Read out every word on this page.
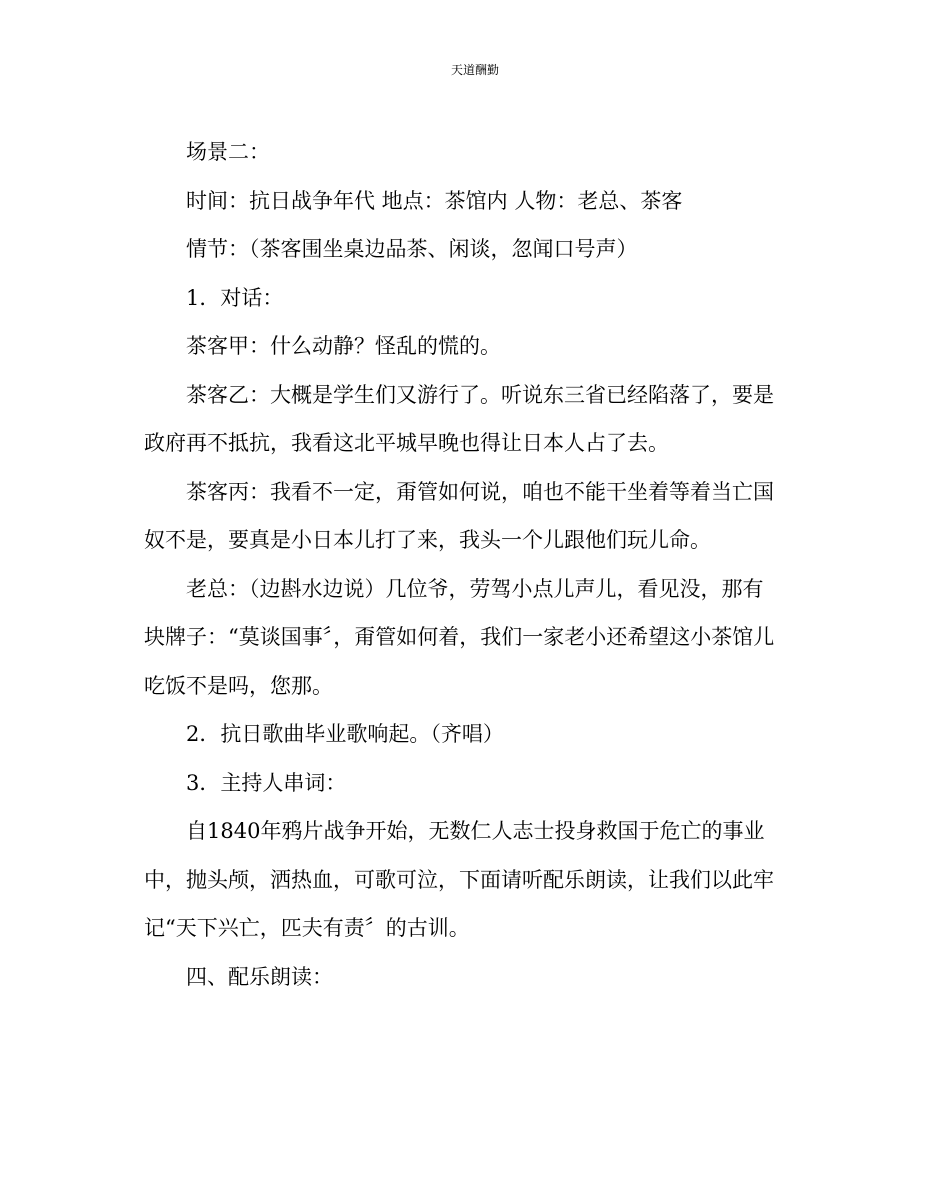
天道酬勤

场景二：

时间：抗日战争年代 地点：茶馆内 人物：老总、茶客

情节：（茶客围坐桌边品茶、闲谈，忽闻口号声）

1．对话：

茶客甲：什么动静？怪乱的慌的。

茶客乙：大概是学生们又游行了。听说东三省已经陷落了，要是

政府再不抵抗，我看这北平城早晚也得让日本人占了去。

茶客丙：我看不一定，甭管如何说，咱也不能干坐着等着当亡国

奴不是，要真是小日本儿打了来，我头一个儿跟他们玩儿命。

老总：（边斟水边说）几位爷，劳驾小点儿声儿，看见没，那有

块牌子：“莫谈国事〞，甭管如何着，我们一家老小还希望这小茶馆儿

吃饭不是吗，您那。

2．抗日歌曲毕业歌响起。（齐唱）

3．主持人串词：

自1840年鸦片战争开始，无数仁人志士投身救国于危亡的事业

中，抛头颅，洒热血，可歌可泣，下面请听配乐朗读，让我们以此牢

记“天下兴亡，匹夫有责〞的古训。

四、配乐朗读：
